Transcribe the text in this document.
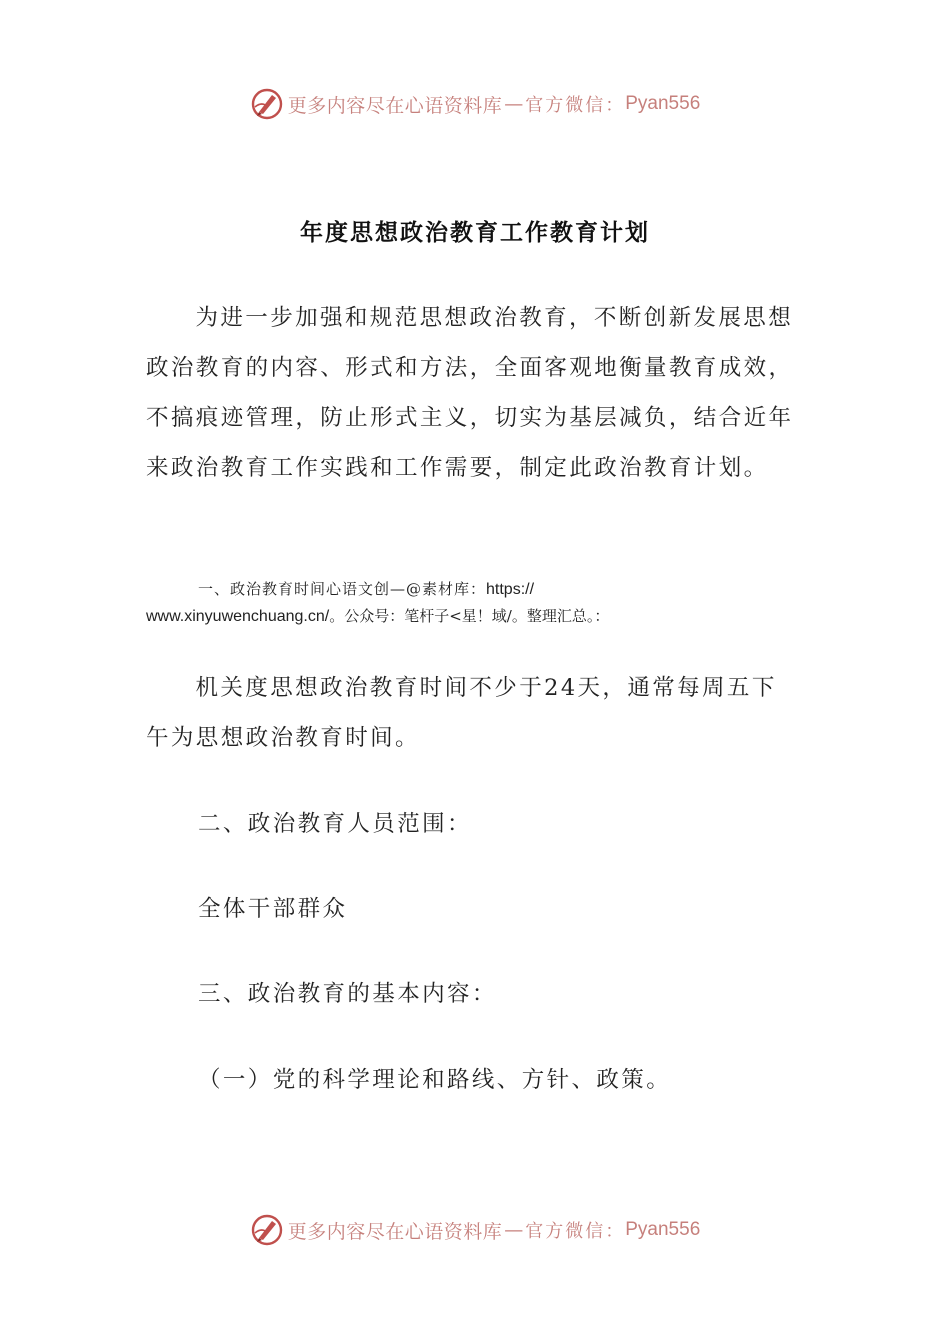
更多内容尽在心语资料库 — 官方微信： Pyan556
年度思想政治教育工作教育计划

为进一步加强和规范思想政治教育，不断创新发展思想政治教育的内容、形式和方法，全面客观地衡量教育成效，不搞痕迹管理，防止形式主义，切实为基层减负，结合近年来政治教育工作实践和工作需要，制定此政治教育计划。

一、政治教育时间心语文创—@素材库：https://
www.xinyuwenchuang.cn/。公众号：笔杆子<星！域/。整理汇总。：

机关度思想政治教育时间不少于24天，通常每周五下午为思想政治教育时间。

二、政治教育人员范围：

全体干部群众

三、政治教育的基本内容：

（一）党的科学理论和路线、方针、政策。

更多内容尽在心语资料库 — 官方微信： Pyan556
